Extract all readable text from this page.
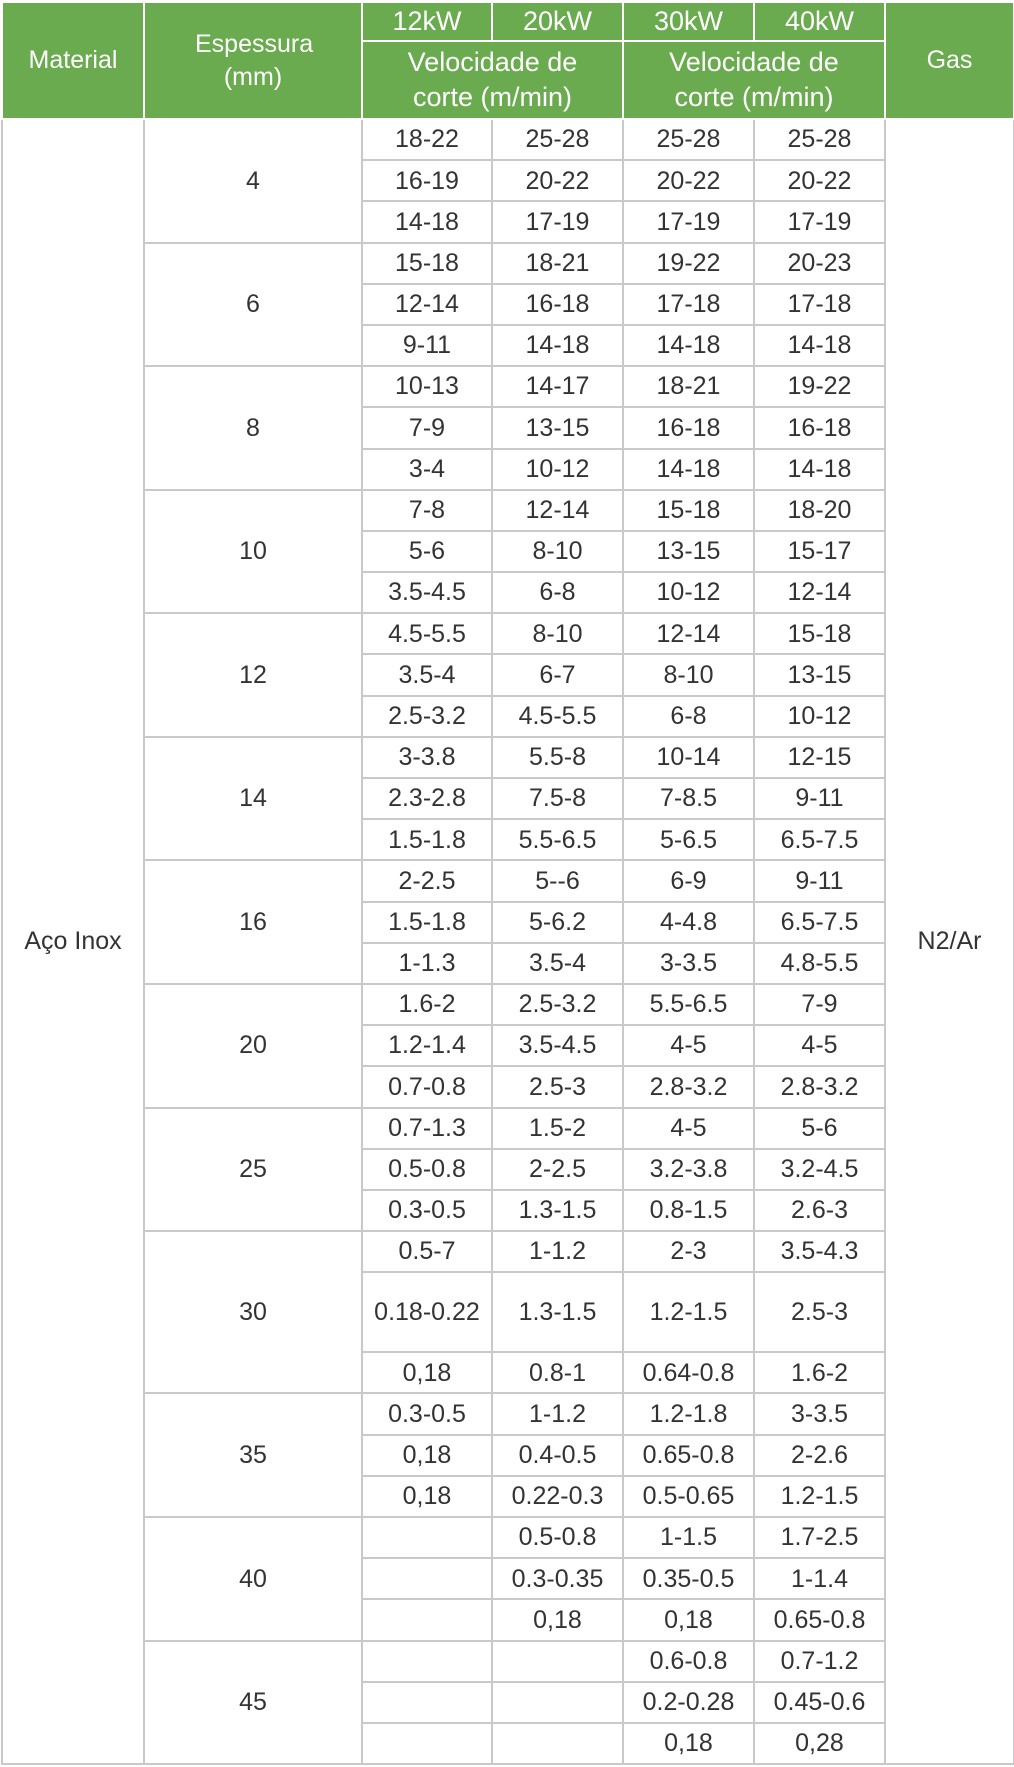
Material	Espessura (mm)	12kW	20kW	30kW	40kW	Gas
		Velocidade de corte (m/min)		Velocidade de corte (m/min)		
Aço Inox	4	18-22	25-28	25-28	25-28	N2/Ar
		16-19	20-22	20-22	20-22	
		14-18	17-19	17-19	17-19	
	6	15-18	18-21	19-22	20-23	
		12-14	16-18	17-18	17-18	
		9-11	14-18	14-18	14-18	
	8	10-13	14-17	18-21	19-22	
		7-9	13-15	16-18	16-18	
		3-4	10-12	14-18	14-18	
	10	7-8	12-14	15-18	18-20	
		5-6	8-10	13-15	15-17	
		3.5-4.5	6-8	10-12	12-14	
	12	4.5-5.5	8-10	12-14	15-18	
		3.5-4	6-7	8-10	13-15	
		2.5-3.2	4.5-5.5	6-8	10-12	
	14	3-3.8	5.5-8	10-14	12-15	
		2.3-2.8	7.5-8	7-8.5	9-11	
		1.5-1.8	5.5-6.5	5-6.5	6.5-7.5	
	16	2-2.5	5--6	6-9	9-11	
		1.5-1.8	5-6.2	4-4.8	6.5-7.5	
		1-1.3	3.5-4	3-3.5	4.8-5.5	
	20	1.6-2	2.5-3.2	5.5-6.5	7-9	
		1.2-1.4	3.5-4.5	4-5	4-5	
		0.7-0.8	2.5-3	2.8-3.2	2.8-3.2	
	25	0.7-1.3	1.5-2	4-5	5-6	
		0.5-0.8	2-2.5	3.2-3.8	3.2-4.5	
		0.3-0.5	1.3-1.5	0.8-1.5	2.6-3	
	30	0.5-7	1-1.2	2-3	3.5-4.3	
		0.18-0.22	1.3-1.5	1.2-1.5	2.5-3	
		0,18	0.8-1	0.64-0.8	1.6-2	
	35	0.3-0.5	1-1.2	1.2-1.8	3-3.5	
		0,18	0.4-0.5	0.65-0.8	2-2.6	
		0,18	0.22-0.3	0.5-0.65	1.2-1.5	
	40		0.5-0.8	1-1.5	1.7-2.5	
			0.3-0.35	0.35-0.5	1-1.4	
			0,18	0,18	0.65-0.8	
	45			0.6-0.8	0.7-1.2	
				0.2-0.28	0.45-0.6	
				0,18	0,28	
